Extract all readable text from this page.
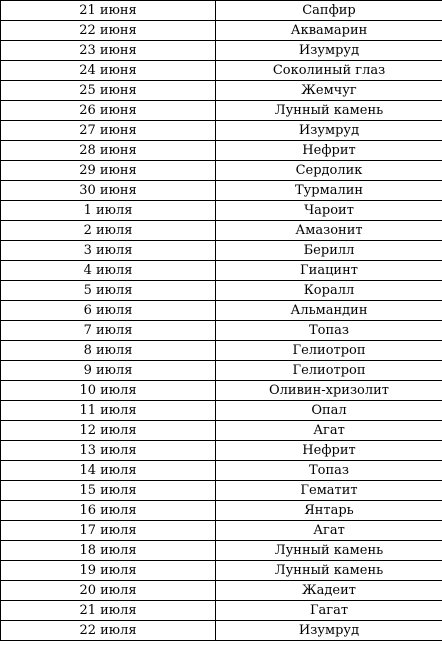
21 июня	Сапфир
22 июня	Аквамарин
23 июня	Изумруд
24 июня	Соколиный глаз
25 июня	Жемчуг
26 июня	Лунный камень
27 июня	Изумруд
28 июня	Нефрит
29 июня	Сердолик
30 июня	Турмалин
1 июля	Чароит
2 июля	Амазонит
3 июля	Берилл
4 июля	Гиацинт
5 июля	Коралл
6 июля	Альмандин
7 июля	Топаз
8 июля	Гелиотроп
9 июля	Гелиотроп
10 июля	Оливин-хризолит
11 июля	Опал
12 июля	Агат
13 июля	Нефрит
14 июля	Топаз
15 июля	Гематит
16 июля	Янтарь
17 июля	Агат
18 июля	Лунный камень
19 июля	Лунный камень
20 июля	Жадеит
21 июля	Гагат
22 июля	Изумруд
